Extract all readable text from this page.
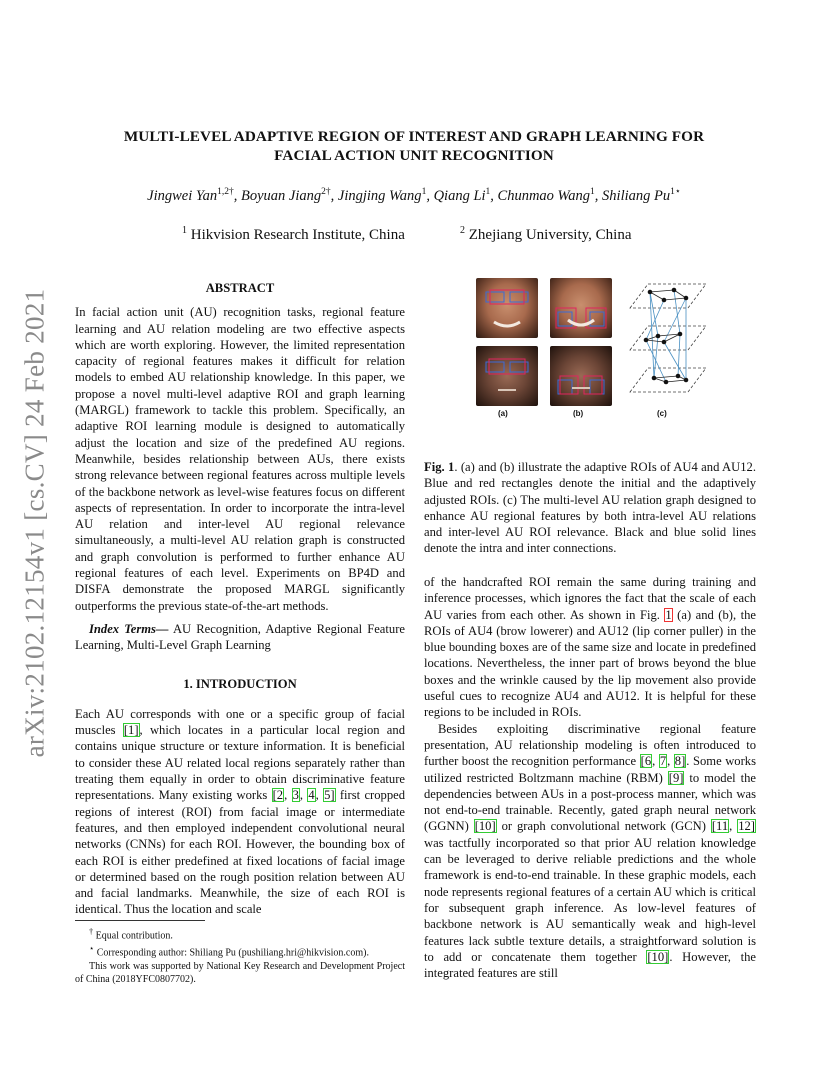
arXiv:2102.12154v1 [cs.CV] 24 Feb 2021
MULTI-LEVEL ADAPTIVE REGION OF INTEREST AND GRAPH LEARNING FOR
FACIAL ACTION UNIT RECOGNITION
Jingwei Yan$^{1,2\dagger}$, Boyuan Jiang$^{2\dagger}$, Jingjing Wang$^1$, Qiang Li$^1$, Chunmao Wang$^1$, Shiliang $Pu^{1⋆}$
$^1$ Hikvision Research Institute, China	$^2$ Zhejiang University, China
ABSTRACT

In facial action unit (AU) recognition tasks, regional feature learning and AU relation modeling are two effective aspects which are worth exploring. However, the limited representation capacity of regional features makes it difficult for relation models to embed AU relationship knowledge. In this paper, we propose a novel multi-level adaptive ROI and graph learning (MARGL) framework to tackle this problem. Specifically, an adaptive ROI learning module is designed to automatically adjust the location and size of the predefined AU regions. Meanwhile, besides relationship between AUs, there exists strong relevance between regional features across multiple levels of the backbone network as level-wise features focus on different aspects of representation. In order to incorporate the intra-level AU relation and inter-level AU regional relevance simultaneously, a multi-level AU relation graph is constructed and graph convolution is performed to further enhance AU regional features of each level. Experiments on BP4D and DISFA demonstrate the proposed MARGL significantly outperforms the previous state-of-the-art methods.

Index Terms— AU Recognition, Adaptive Regional Feature Learning, Multi-Level Graph Learning

1. INTRODUCTION

Each AU corresponds with one or a specific group of facial muscles [1], which locates in a particular local region and contains unique structure or texture information. It is beneficial to consider these AU related local regions separately rather than treating them equally in order to obtain discriminative feature representations. Many existing works [2, 3, 4, 5] first cropped regions of interest (ROI) from facial image or intermediate features, and then employed independent convolutional neural networks (CNNs) for each ROI. However, the bounding box of each ROI is either predefined at fixed locations of facial image or determined based on the rough position relation between AU and facial landmarks. Meanwhile, the size of each ROI is identical. Thus the location and scale

† Equal contribution.

⋆ Corresponding author: Shiliang Pu (pushiliang.hri@hikvision.com).

This work was supported by National Key Research and Development Project of China (2018YFC0807702).

(a)	(b)	(c)
Fig. 1. (a) and (b) illustrate the adaptive ROIs of AU4 and AU12. Blue and red rectangles denote the initial and the adaptively adjusted ROIs. (c) The multi-level AU relation graph designed to enhance AU regional features by both intra-level AU relations and inter-level AU ROI relevance. Black and blue solid lines denote the intra and inter connections.

of the handcrafted ROI remain the same during training and inference processes, which ignores the fact that the scale of each AU varies from each other. As shown in Fig. 1 (a) and (b), the ROIs of AU4 (brow lowerer) and AU12 (lip corner puller) in the blue bounding boxes are of the same size and locate in predefined locations. Nevertheless, the inner part of brows beyond the blue boxes and the wrinkle caused by the lip movement also provide useful cues to recognize AU4 and AU12. It is helpful for these regions to be included in ROIs.

Besides exploiting discriminative regional feature presentation, AU relationship modeling is often introduced to further boost the recognition performance [6, 7, 8]. Some works utilized restricted Boltzmann machine (RBM) [9] to model the dependencies between AUs in a post-process manner, which was not end-to-end trainable. Recently, gated graph neural network (GGNN) [10] or graph convolutional network (GCN) [11, 12] was tactfully incorporated so that prior AU relation knowledge can be leveraged to derive reliable predictions and the whole framework is end-to-end trainable. In these graphic models, each node represents regional features of a certain AU which is critical for subsequent graph inference. As low-level features of backbone network is AU semantically weak and high-level features lack subtle texture details, a straightforward solution is to add or concatenate them together [10]. However, the integrated features are still
